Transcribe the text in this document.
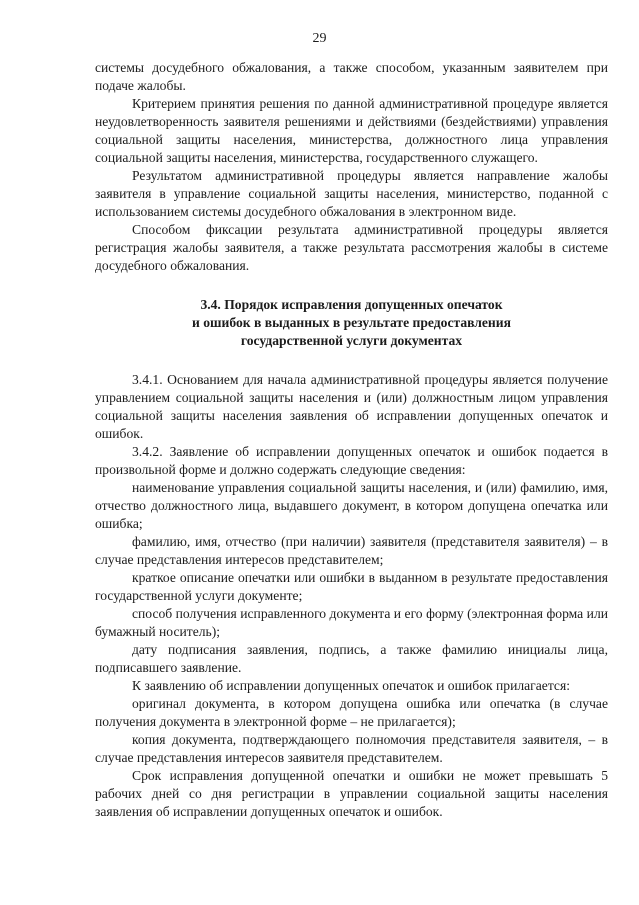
29

системы досудебного обжалования, а также способом, указанным заявителем при подаче жалобы.

Критерием принятия решения по данной административной процедуре является неудовлетворенность заявителя решениями и действиями (бездействиями) управления социальной защиты населения, министерства, должностного лица управления социальной защиты населения, министерства, государственного служащего.

Результатом административной процедуры является направление жалобы заявителя в управление социальной защиты населения, министерство, поданной с использованием системы досудебного обжалования в электронном виде.

Способом фиксации результата административной процедуры является регистрация жалобы заявителя, а также результата рассмотрения жалобы в системе досудебного обжалования.

3.4. Порядок исправления допущенных опечаток
и ошибок в выданных в результате предоставления
государственной услуги документах

3.4.1. Основанием для начала административной процедуры является получение управлением социальной защиты населения и (или) должностным лицом управления социальной защиты населения заявления об исправлении допущенных опечаток и ошибок.

3.4.2. Заявление об исправлении допущенных опечаток и ошибок подается в произвольной форме и должно содержать следующие сведения:

наименование управления социальной защиты населения, и (или) фамилию, имя, отчество должностного лица, выдавшего документ, в котором допущена опечатка или ошибка;

фамилию, имя, отчество (при наличии) заявителя (представителя заявителя) – в случае представления интересов представителем;

краткое описание опечатки или ошибки в выданном в результате предоставления государственной услуги документе;

способ получения исправленного документа и его форму (электронная форма или бумажный носитель);

дату подписания заявления, подпись, а также фамилию инициалы лица, подписавшего заявление.

К заявлению об исправлении допущенных опечаток и ошибок прилагается:

оригинал документа, в котором допущена ошибка или опечатка (в случае получения документа в электронной форме – не прилагается);

копия документа, подтверждающего полномочия представителя заявителя, – в случае представления интересов заявителя представителем.

Срок исправления допущенной опечатки и ошибки не может превышать 5 рабочих дней со дня регистрации в управлении социальной защиты населения заявления об исправлении допущенных опечаток и ошибок.
